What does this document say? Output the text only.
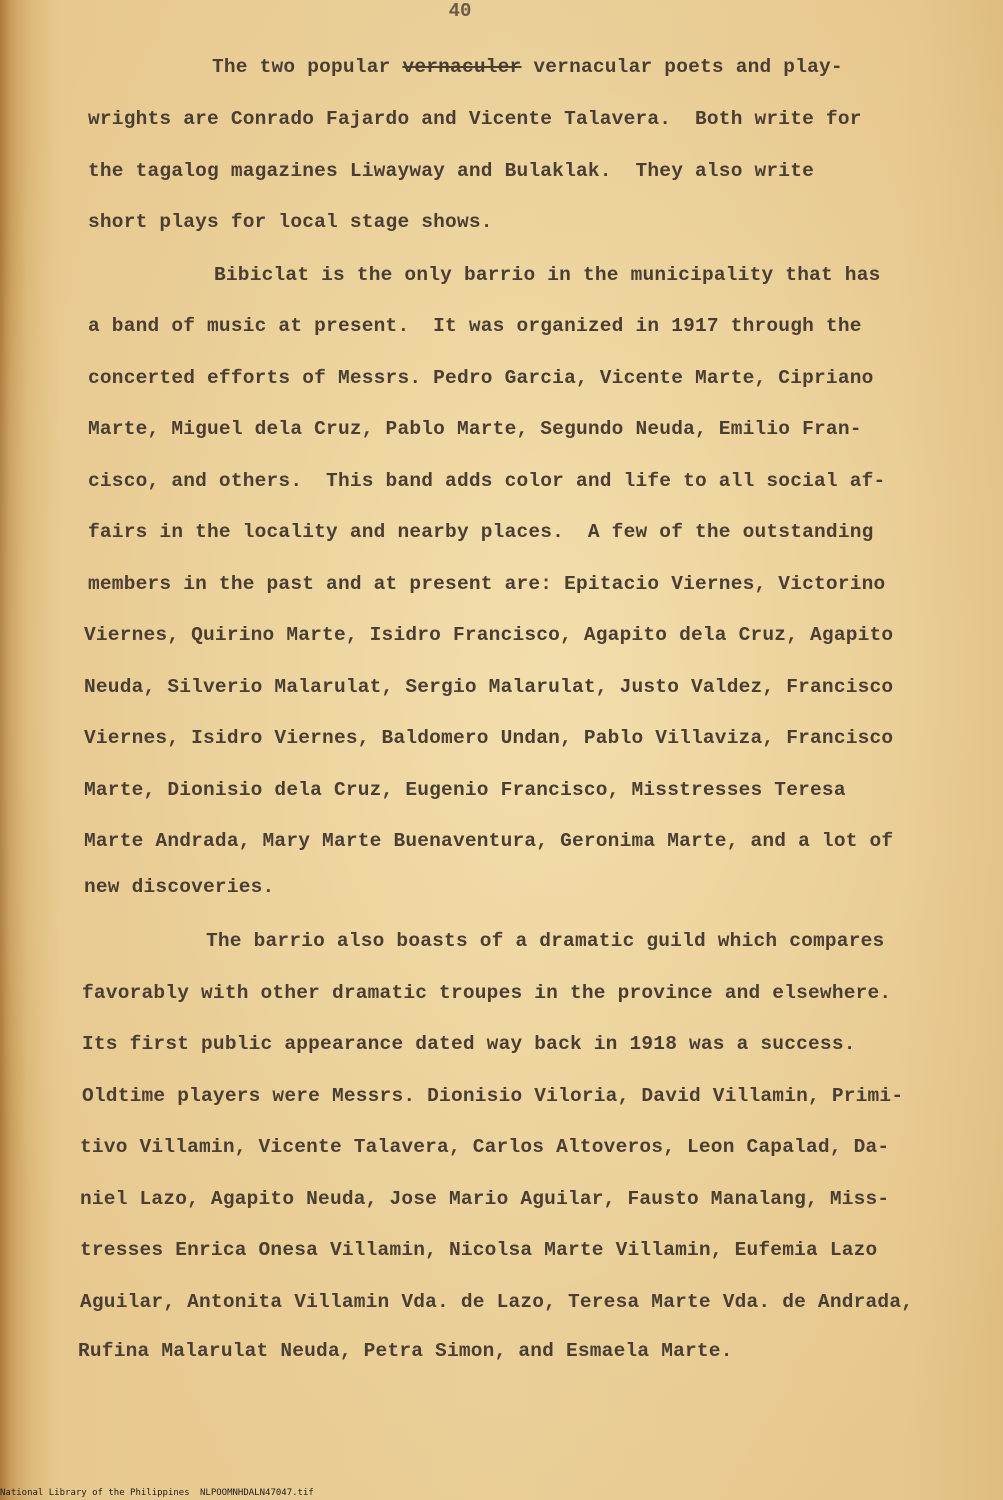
40
The two popular vernaculer vernacular poets and play-
wrights are Conrado Fajardo and Vicente Talavera.  Both write for
the tagalog magazines Liwayway and Bulaklak.  They also write
short plays for local stage shows.
Bibiclat is the only barrio in the municipality that has
a band of music at present.  It was organized in 1917 through the
concerted efforts of Messrs. Pedro Garcia, Vicente Marte, Cipriano
Marte, Miguel dela Cruz, Pablo Marte, Segundo Neuda, Emilio Fran-
cisco, and others.  This band adds color and life to all social af-
fairs in the locality and nearby places.  A few of the outstanding
members in the past and at present are: Epitacio Viernes, Victorino
Viernes, Quirino Marte, Isidro Francisco, Agapito dela Cruz, Agapito
Neuda, Silverio Malarulat, Sergio Malarulat, Justo Valdez, Francisco
Viernes, Isidro Viernes, Baldomero Undan, Pablo Villaviza, Francisco
Marte, Dionisio dela Cruz, Eugenio Francisco, Misstresses Teresa
Marte Andrada, Mary Marte Buenaventura, Geronima Marte, and a lot of
new discoveries.
The barrio also boasts of a dramatic guild which compares
favorably with other dramatic troupes in the province and elsewhere.
Its first public appearance dated way back in 1918 was a success.
Oldtime players were Messrs. Dionisio Viloria, David Villamin, Primi-
tivo Villamin, Vicente Talavera, Carlos Altoveros, Leon Capalad, Da-
niel Lazo, Agapito Neuda, Jose Mario Aguilar, Fausto Manalang, Miss-
tresses Enrica Onesa Villamin, Nicolsa Marte Villamin, Eufemia Lazo
Aguilar, Antonita Villamin Vda. de Lazo, Teresa Marte Vda. de Andrada,
Rufina Malarulat Neuda, Petra Simon, and Esmaela Marte.
National Library of the Philippines NLPOOMNHDALN47047.tif
